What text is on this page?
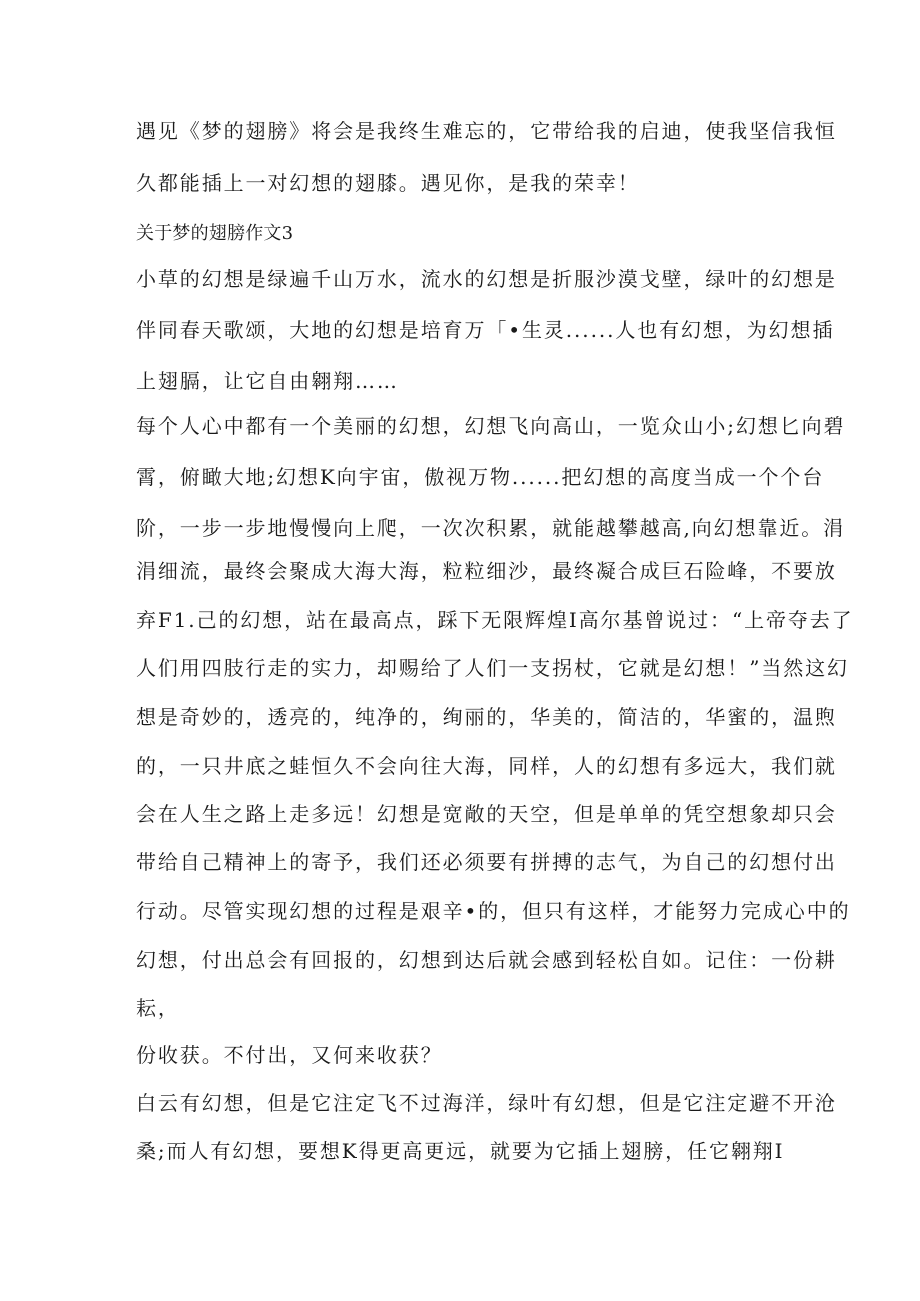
遇见《梦的翅膀》将会是我终生难忘的，它带给我的启迪，使我坚信我恒
久都能插上一对幻想的翅膝。遇见你，是我的荣幸！
关于梦的翅膀作文3
小草的幻想是绿遍千山万水，流水的幻想是折服沙漠戈壁，绿叶的幻想是
伴同春天歌颂，大地的幻想是培育万「•生灵......人也有幻想，为幻想插
上翅膈，让它自由翱翔……
每个人心中都有一个美丽的幻想，幻想飞向高山，一览众山小;幻想匕向碧
霄，俯瞰大地;幻想K向宇宙，傲视万物......把幻想的高度当成一个个台
阶，一步一步地慢慢向上爬，一次次积累，就能越攀越高,向幻想靠近。涓
涓细流，最终会聚成大海大海，粒粒细沙，最终凝合成巨石险峰，不要放
弃F1.己的幻想，站在最高点，踩下无限辉煌I高尔基曾说过：“上帝夺去了
人们用四肢行走的实力，却赐给了人们一支拐杖，它就是幻想！”当然这幻
想是奇妙的，透亮的，纯净的，绚丽的，华美的，简洁的，华蜜的，温煦
的，一只井底之蛙恒久不会向往大海，同样，人的幻想有多远大，我们就
会在人生之路上走多远！幻想是宽敞的天空，但是单单的凭空想象却只会
带给自己精神上的寄予，我们还必须要有拼搏的志气，为自己的幻想付出
行动。尽管实现幻想的过程是艰辛•的，但只有这样，才能努力完成心中的
幻想，付出总会有回报的，幻想到达后就会感到轻松自如。记住：一份耕
耘，
份收获。不付出，又何来收获？
白云有幻想，但是它注定飞不过海洋，绿叶有幻想，但是它注定避不开沧
桑;而人有幻想，要想K得更高更远，就要为它插上翅膀，任它翱翔I
